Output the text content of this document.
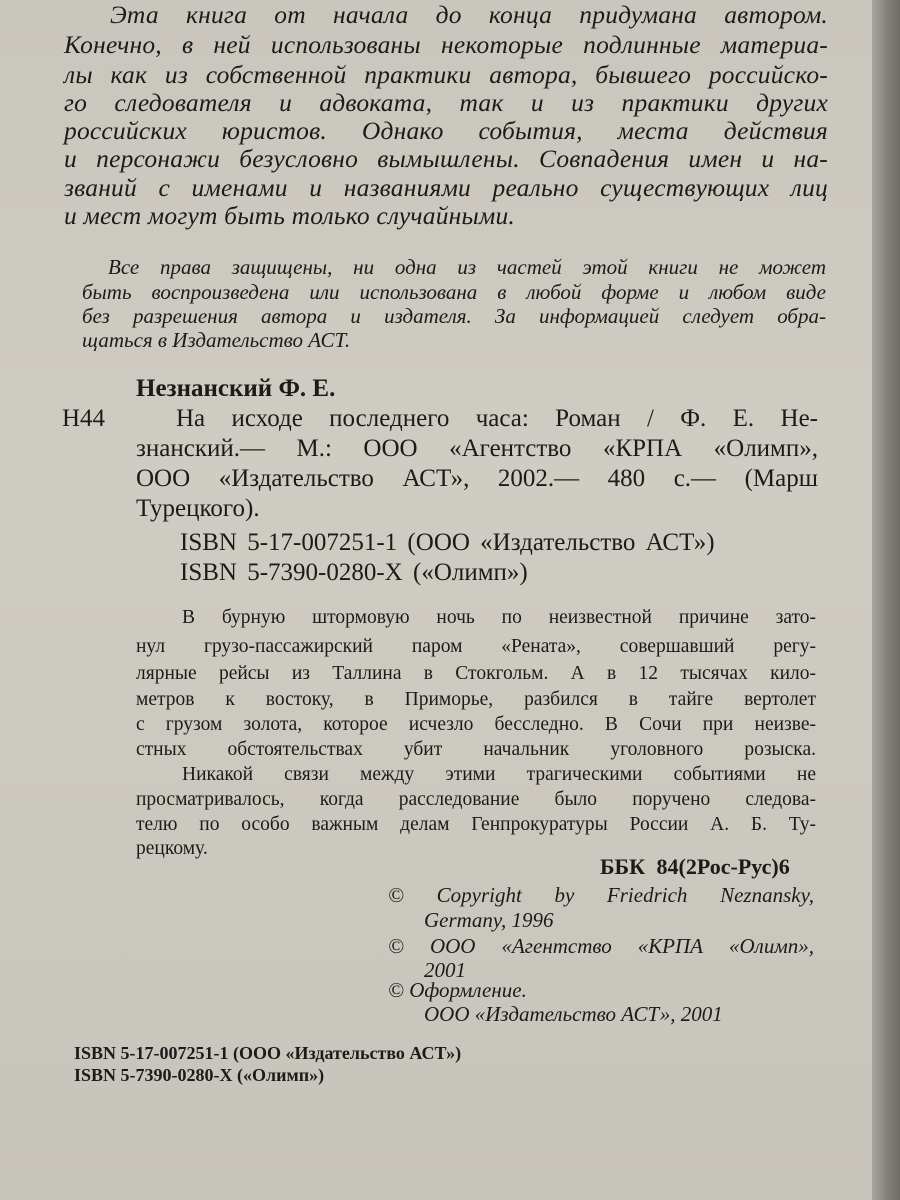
Эта книга от начала до конца придумана автором.
Конечно, в ней использованы некоторые подлинные материа-
лы как из собственной практики автора, бывшего российско-
го следователя и адвоката, так и из практики других
российских юристов. Однако события, места действия
и персонажи безусловно вымышлены. Совпадения имен и на-
званий с именами и названиями реально существующих лиц
и мест могут быть только случайными.
Все права защищены, ни одна из частей этой книги не может
быть воспроизведена или использована в любой форме и любом виде
без разрешения автора и издателя. За информацией следует обра-
щаться в Издательство АСТ.
Незнанский Ф. Е.
Н44	На исходе последнего часа: Роман / Ф. Е. Не-
знанский.— М.: ООО «Агентство «КРПА «Олимп»,
ООО «Издательство АСТ», 2002.— 480 с.— (Марш
Турецкого).
ISBN 5-17-007251-1 (ООО «Издательство АСТ»)
ISBN 5-7390-0280-X («Олимп»)
В бурную штормовую ночь по неизвестной причине зато-
нул грузо-пассажирский паром «Рената», совершавший регу-
лярные рейсы из Таллина в Стокгольм. А в 12 тысячах кило-
метров к востоку, в Приморье, разбился в тайге вертолет
с грузом золота, которое исчезло бесследно. В Сочи при неизве-
стных обстоятельствах убит начальник уголовного розыска.
Никакой связи между этими трагическими событиями не
просматривалось, когда расследование было поручено следова-
телю по особо важным делам Генпрокуратуры России А. Б. Ту-
рецкому.
ББК 84(2Рос-Рус)6
© Copyright by Friedrich Neznansky,
Germany, 1996
© ООО «Агентство «КРПА «Олимп»,
2001
© Оформление.
ООО «Издательство АСТ», 2001
ISBN 5-17-007251-1 (ООО «Издательство АСТ»)
ISBN 5-7390-0280-X («Олимп»)
